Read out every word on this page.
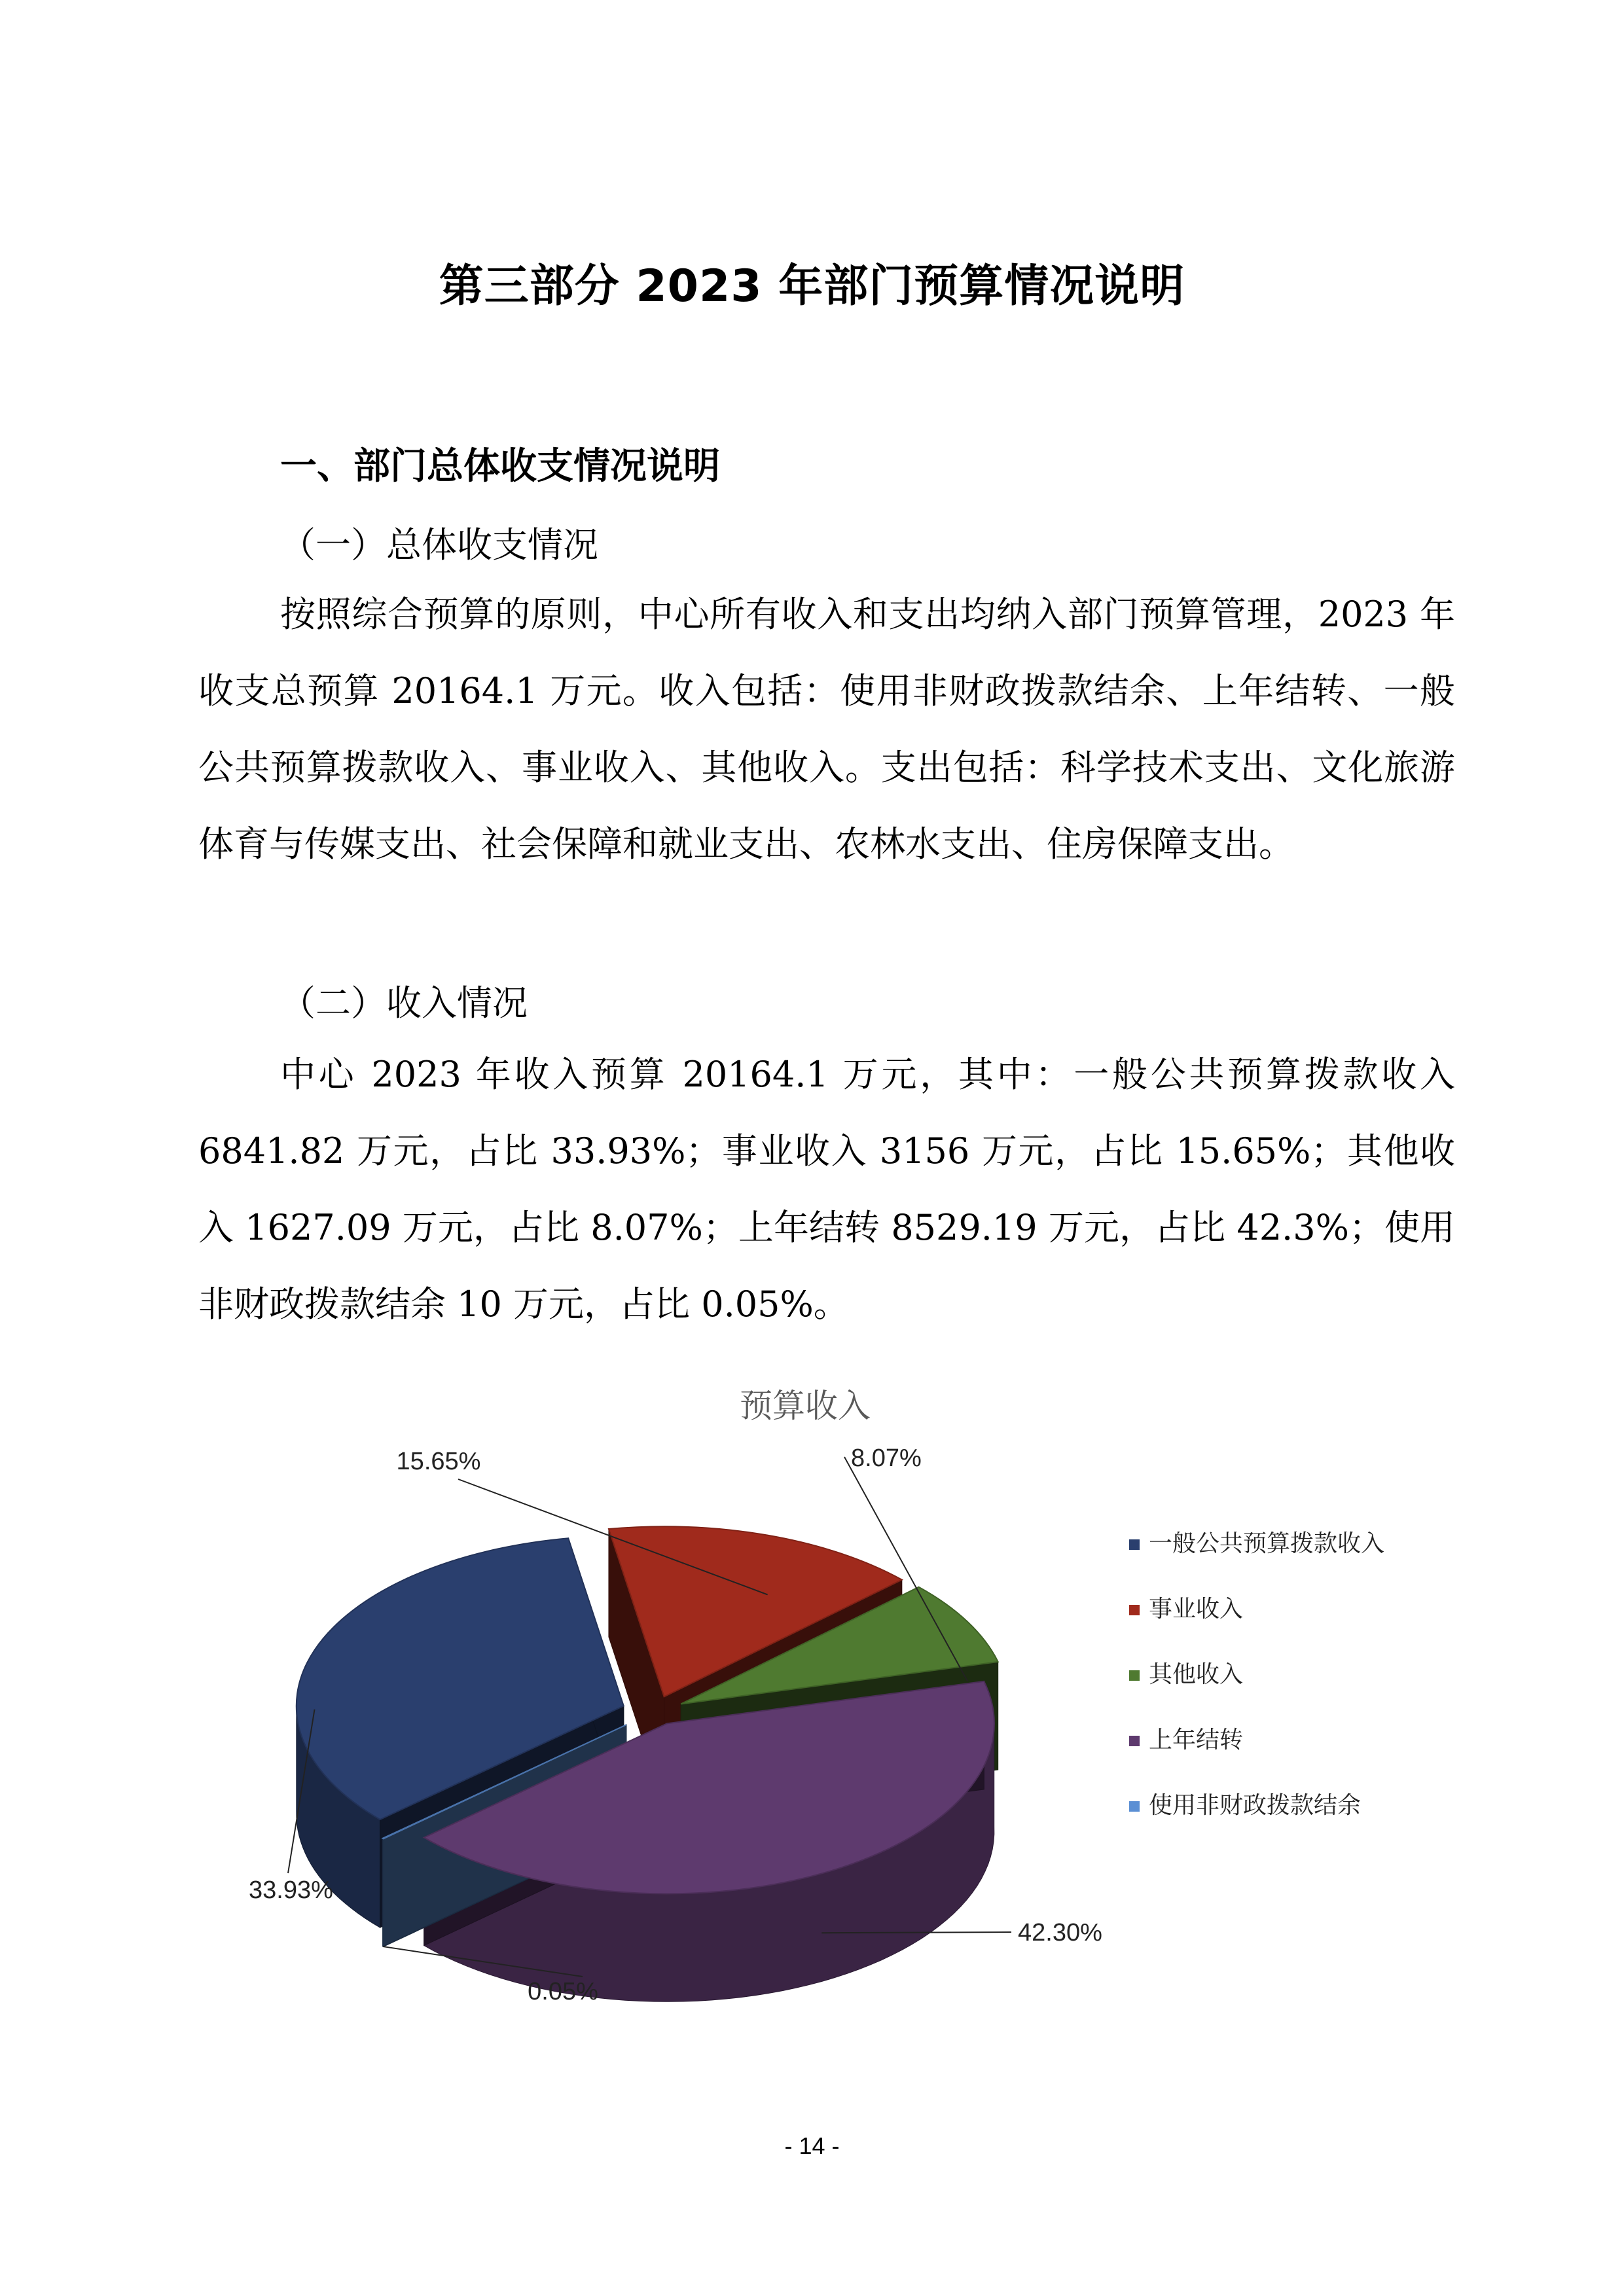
第三部分 2023 年部门预算情况说明
一、部门总体收支情况说明
（一）总体收支情况
按照综合预算的原则，中心所有收入和支出均纳入部门预算管理，2023 年收支总预算 20164.1 万元。收入包括：使用非财政拨款结余、上年结转、一般公共预算拨款收入、事业收入、其他收入。支出包括：科学技术支出、文化旅游体育与传媒支出、社会保障和就业支出、农林水支出、住房保障支出。
（二）收入情况
中心 2023 年收入预算 20164.1 万元，其中：一般公共预算拨款收入 6841.82 万元，占比 33.93%；事业收入 3156 万元，占比 15.65%；其他收入 1627.09 万元，占比 8.07%；上年结转 8529.19 万元，占比 42.3%；使用非财政拨款结余 10 万元，占比 0.05%。
预算收入
33.93%
15.65%	8.07%
42.30%
0.05%
一般公共预算拨款收入
事业收入
其他收入
上年结转
使用非财政拨款结余
- 14 -
